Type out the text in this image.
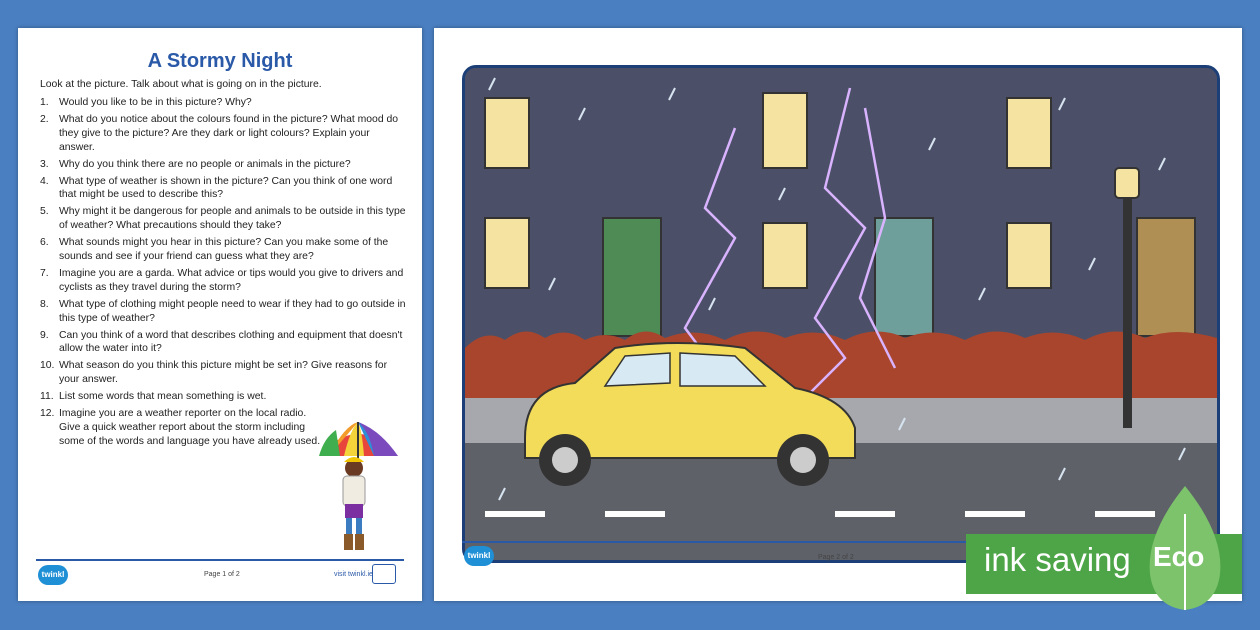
A Stormy Night
Look at the picture. Talk about what is going on in the picture.
1. Would you like to be in this picture? Why?
2. What do you notice about the colours found in the picture? What mood do they give to the picture? Are they dark or light colours? Explain your answer.
3. Why do you think there are no people or animals in the picture?
4. What type of weather is shown in the picture? Can you think of one word that might be used to describe this?
5. Why might it be dangerous for people and animals to be outside in this type of weather? What precautions should they take?
6. What sounds might you hear in this picture? Can you make some of the sounds and see if your friend can guess what they are?
7. Imagine you are a garda. What advice or tips would you give to drivers and cyclists as they travel during the storm?
8. What type of clothing might people need to wear if they had to go outside in this type of weather?
9. Can you think of a word that describes clothing and equipment that doesn't allow the water into it?
10. What season do you think this picture might be set in? Give reasons for your answer.
11. List some words that mean something is wet.
12. Imagine you are a weather reporter on the local radio. Give a quick weather report about the storm including some of the words and language you have already used.
twinkl	Page 1 of 2	visit twinkl.ie
twinkl	Page 2 of 2	ink saving Eco
